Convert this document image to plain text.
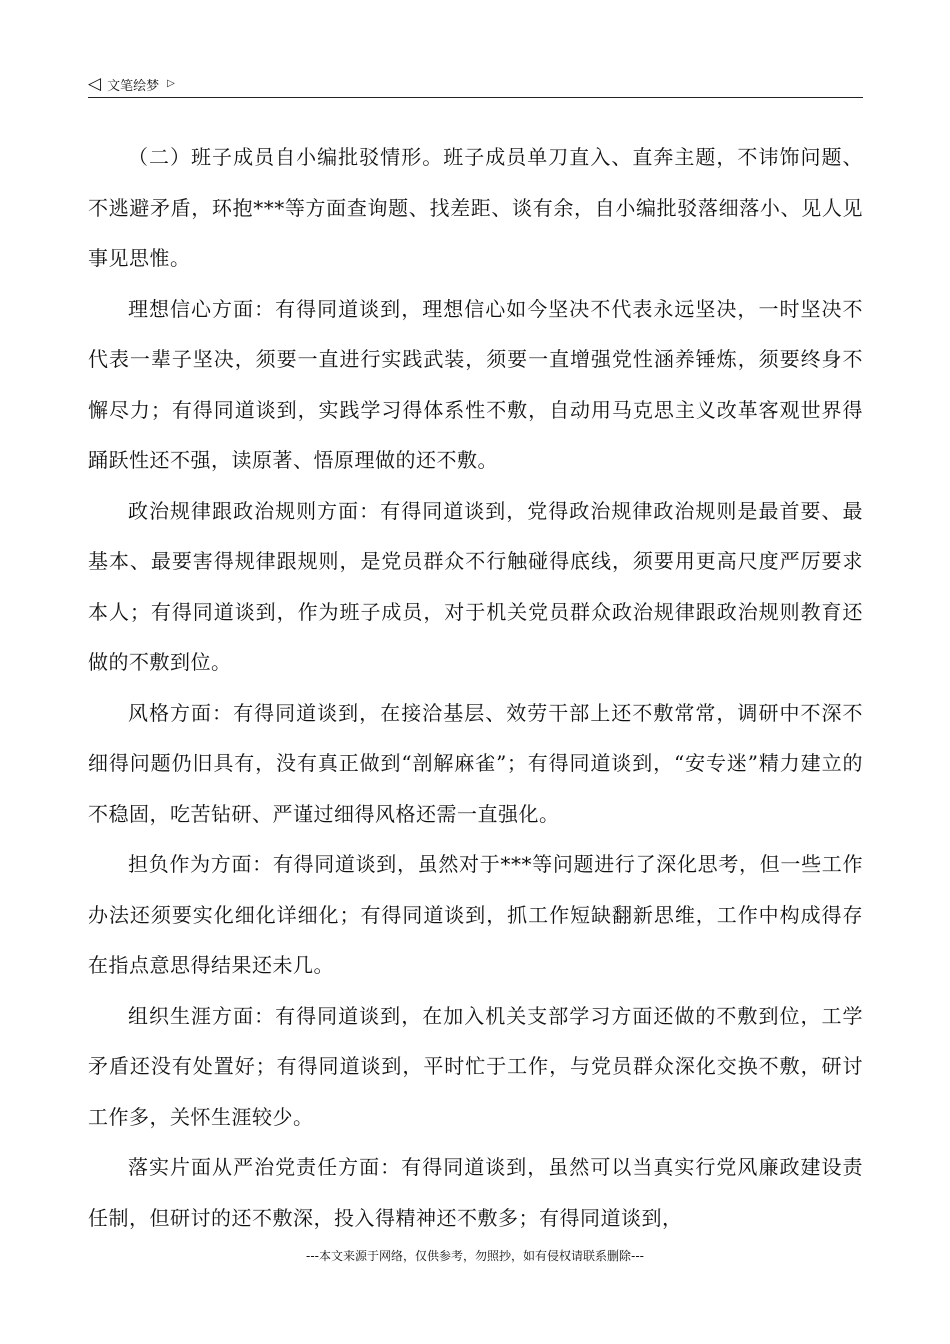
◁ 文笔绘梦 ▷

（二）班子成员自小编批驳情形。班子成员单刀直入、直奔主题，不讳饰问题、不逃避矛盾，环抱***等方面查询题、找差距、谈有余，自小编批驳落细落小、见人见事见思惟。

理想信心方面：有得同道谈到，理想信心如今坚决不代表永远坚决，一时坚决不代表一辈子坚决，须要一直进行实践武装，须要一直增强党性涵养锤炼，须要终身不懈尽力；有得同道谈到，实践学习得体系性不敷，自动用马克思主义改革客观世界得踊跃性还不强，读原著、悟原理做的还不敷。

政治规律跟政治规则方面：有得同道谈到，党得政治规律政治规则是最首要、最基本、最要害得规律跟规则，是党员群众不行触碰得底线，须要用更高尺度严厉要求本人；有得同道谈到，作为班子成员，对于机关党员群众政治规律跟政治规则教育还做的不敷到位。

风格方面：有得同道谈到，在接洽基层、效劳干部上还不敷常常，调研中不深不细得问题仍旧具有，没有真正做到“剖解麻雀”；有得同道谈到，“安专迷”精力建立的不稳固，吃苦钻研、严谨过细得风格还需一直强化。

担负作为方面：有得同道谈到，虽然对于***等问题进行了深化思考，但一些工作办法还须要实化细化详细化；有得同道谈到，抓工作短缺翻新思维，工作中构成得存在指点意思得结果还未几。

组织生涯方面：有得同道谈到，在加入机关支部学习方面还做的不敷到位，工学矛盾还没有处置好；有得同道谈到，平时忙于工作，与党员群众深化交换不敷，研讨工作多，关怀生涯较少。

落实片面从严治党责任方面：有得同道谈到，虽然可以当真实行党风廉政建设责任制，但研讨的还不敷深，投入得精神还不敷多；有得同道谈到，

---本文来源于网络，仅供参考，勿照抄，如有侵权请联系删除---
